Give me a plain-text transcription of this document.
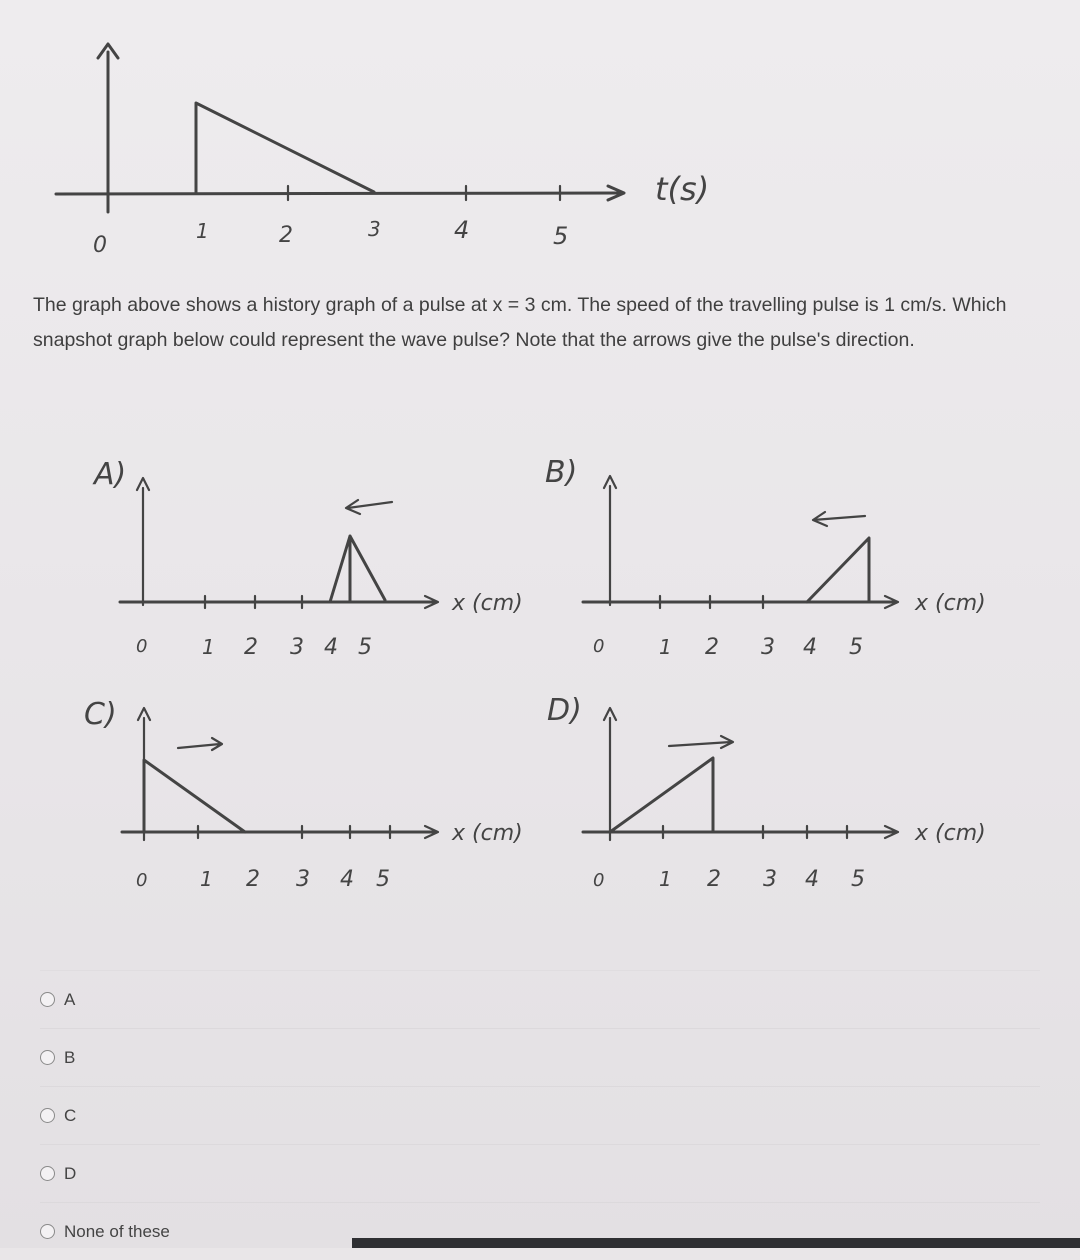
0
1	2	3	4	5
t(s)
The graph above shows a history graph of a pulse at x = 3 cm. The speed of the travelling pulse is 1 cm/s. Which snapshot graph below could represent the wave pulse? Note that the arrows give the pulse's direction.
A)
x (cm)
0	1 2 3 4 5
B)
x (cm)
0	1 2 3 4 5
C)
x (cm)
0	1 2 3 4 5
D)
x (cm)
0	1 2 3 4 5
A
B
C
D
None of these
